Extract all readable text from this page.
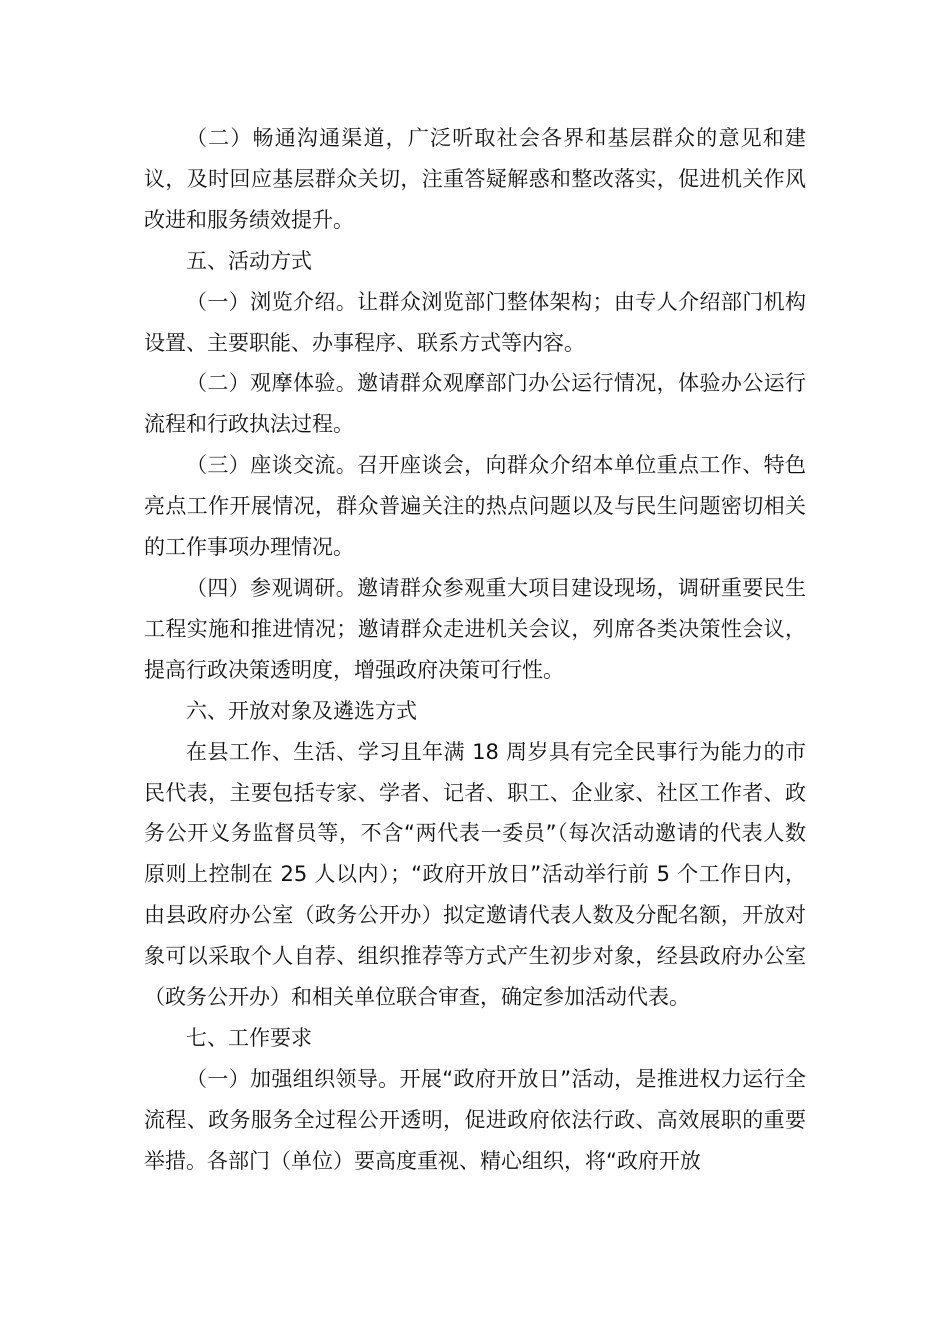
（二）畅通沟通渠道，广泛听取社会各界和基层群众的意见和建议，及时回应基层群众关切，注重答疑解惑和整改落实，促进机关作风改进和服务绩效提升。

五、活动方式

（一）浏览介绍。让群众浏览部门整体架构；由专人介绍部门机构设置、主要职能、办事程序、联系方式等内容。

（二）观摩体验。邀请群众观摩部门办公运行情况，体验办公运行流程和行政执法过程。

（三）座谈交流。召开座谈会，向群众介绍本单位重点工作、特色亮点工作开展情况，群众普遍关注的热点问题以及与民生问题密切相关的工作事项办理情况。

（四）参观调研。邀请群众参观重大项目建设现场，调研重要民生工程实施和推进情况；邀请群众走进机关会议，列席各类决策性会议，提高行政决策透明度，增强政府决策可行性。

六、开放对象及遴选方式

在县工作、生活、学习且年满 18 周岁具有完全民事行为能力的市民代表，主要包括专家、学者、记者、职工、企业家、社区工作者、政务公开义务监督员等，不含“两代表一委员”（每次活动邀请的代表人数原则上控制在 25 人以内）；“政府开放日”活动举行前 5 个工作日内，由县政府办公室（政务公开办）拟定邀请代表人数及分配名额，开放对象可以采取个人自荐、组织推荐等方式产生初步对象，经县政府办公室（政务公开办）和相关单位联合审查，确定参加活动代表。

七、工作要求

（一）加强组织领导。开展“政府开放日”活动，是推进权力运行全流程、政务服务全过程公开透明，促进政府依法行政、高效展职的重要举措。各部门（单位）要高度重视、精心组织，将“政府开放
